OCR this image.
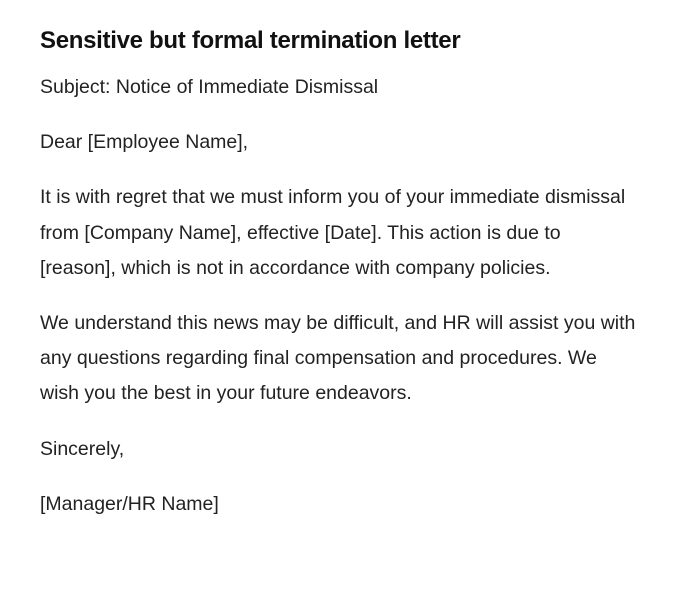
Sensitive but formal termination letter

Subject: Notice of Immediate Dismissal

Dear [Employee Name],

It is with regret that we must inform you of your immediate dismissal from [Company Name], effective [Date]. This action is due to [reason], which is not in accordance with company policies.

We understand this news may be difficult, and HR will assist you with any questions regarding final compensation and procedures. We wish you the best in your future endeavors.

Sincerely,

[Manager/HR Name]
